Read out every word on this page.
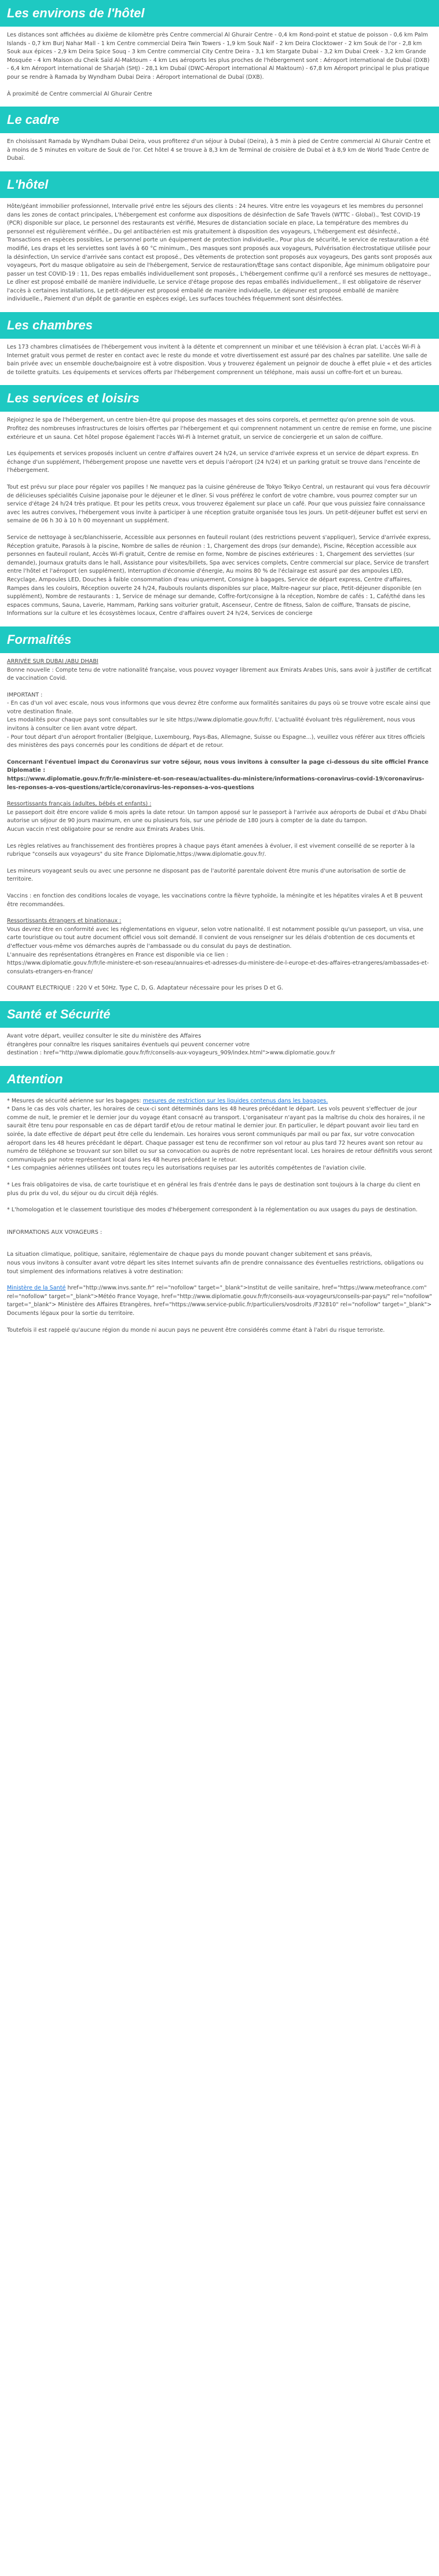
Les environs de l'hôtel

Les distances sont affichées au dixième de kilomètre près Centre commercial Al Ghurair Centre - 0,4 km Rond-point et statue de poisson - 0,6 km Palm Islands - 0,7 km Burj Nahar Mall - 1 km Centre commercial Deira Twin Towers - 1,9 km Souk Naif - 2 km Deira Clocktower - 2 km Souk de l'or - 2,8 km Souk aux épices - 2,9 km Deira Spice Souq - 3 km Centre commercial City Centre Deira - 3,1 km Stargate Dubai - 3,2 km Dubai Creek - 3,2 km Grande Mosquée - 4 km Maison du Cheik Saïd Al-Maktoum - 4 km Les aéroports les plus proches de l'hébergement sont : Aéroport international de Dubaï (DXB) - 6,4 km Aéroport international de Sharjah (SHJ) - 28,1 km Dubaï (DWC-Aéroport international Al Maktoum) - 67,8 km Aéroport principal le plus pratique pour se rendre à Ramada by Wyndham Dubai Deira : Aéroport international de Dubaï (DXB).

À proximité de Centre commercial Al Ghurair Centre

Le cadre

En choisissant Ramada by Wyndham Dubai Deira, vous profiterez d'un séjour à Dubaï (Deira), à 5 min à pied de Centre commercial Al Ghurair Centre et à moins de 5 minutes en voiture de Souk de l'or. Cet hôtel 4 se trouve à 8,3 km de Terminal de croisière de Dubaï et à 8,9 km de World Trade Centre de Dubaï.

L'hôtel

Hôte/géant immobilier professionnel, Intervalle privé entre les séjours des clients : 24 heures. Vitre entre les voyageurs et les membres du personnel dans les zones de contact principales, L'hébergement est conforme aux dispositions de désinfection de Safe Travels (WTTC - Global)., Test COVID-19 (PCR) disponible sur place, Le personnel des restaurants est vérifié, Mesures de distanciation sociale en place, La température des membres du personnel est régulièrement vérifiée., Du gel antibactérien est mis gratuitement à disposition des voyageurs, L'hébergement est désinfecté., Transactions en espèces possibles, Le personnel porte un équipement de protection individuelle., Pour plus de sécurité, le service de restauration a été modifié, Les draps et les serviettes sont lavés à 60 °C minimum., Des masques sont proposés aux voyageurs, Pulvérisation électrostatique utilisée pour la désinfection, Un service d'arrivée sans contact est proposé., Des vêtements de protection sont proposés aux voyageurs, Des gants sont proposés aux voyageurs, Port du masque obligatoire au sein de l'hébergement, Service de restauration/Étage sans contact disponible, Âge minimum obligatoire pour passer un test COVID-19 : 11, Des repas emballés individuellement sont proposés., L'hébergement confirme qu'il a renforcé ses mesures de nettoyage., Le dîner est proposé emballé de manière individuelle, Le service d'étage propose des repas emballés individuellement., Il est obligatoire de réserver l'accès à certaines installations, Le petit-déjeuner est proposé emballé de manière individuelle, Le déjeuner est proposé emballé de manière individuelle., Paiement d'un dépôt de garantie en espèces exigé, Les surfaces touchées fréquemment sont désinfectées.

Les chambres

Les 173 chambres climatisées de l'hébergement vous invitent à la détente et comprennent un minibar et une télévision à écran plat. L'accès Wi-Fi à Internet gratuit vous permet de rester en contact avec le reste du monde et votre divertissement est assuré par des chaînes par satellite. Une salle de bain privée avec un ensemble douche/baignoire est à votre disposition. Vous y trouverez également un peignoir de douche à effet pluie « et des articles de toilette gratuits. Les équipements et services offerts par l'hébergement comprennent un téléphone, mais aussi un coffre-fort et un bureau.

Les services et loisirs

Rejoignez le spa de l'hébergement, un centre bien-être qui propose des massages et des soins corporels, et permettez qu'on prenne soin de vous. Profitez des nombreuses infrastructures de loisirs offertes par l'hébergement et qui comprennent notamment un centre de remise en forme, une piscine extérieure et un sauna. Cet hôtel propose également l'accès Wi-Fi à Internet gratuit, un service de conciergerie et un salon de coiffure.

Les équipements et services proposés incluent un centre d'affaires ouvert 24 h/24, un service d'arrivée express et un service de départ express. En échange d'un supplément, l'hébergement propose une navette vers et depuis l'aéroport (24 h/24) et un parking gratuit se trouve dans l'enceinte de l'hébergement.

Tout est prévu sur place pour régaler vos papilles ! Ne manquez pas la cuisine généreuse de Tokyo Teikyo Central, un restaurant qui vous fera découvrir de délicieuses spécialités Cuisine japonaise pour le déjeuner et le dîner. Si vous préférez le confort de votre chambre, vous pourrez compter sur un service d'étage 24 h/24 très pratique. Et pour les petits creux, vous trouverez également sur place un café. Pour que vous puissiez faire connaissance avec les autres convives, l'hébergement vous invite à participer à une réception gratuite organisée tous les jours. Un petit-déjeuner buffet est servi en semaine de 06 h 30 à 10 h 00 moyennant un supplément.

Service de nettoyage à sec/blanchisserie, Accessible aux personnes en fauteuil roulant (des restrictions peuvent s'appliquer), Service d'arrivée express, Réception gratuite, Parasols à la piscine, Nombre de salles de réunion : 1, Chargement des drops (sur demande), Piscine, Réception accessible aux personnes en fauteuil roulant, Accès Wi-Fi gratuit, Centre de remise en forme, Nombre de piscines extérieures : 1, Chargement des serviettes (sur demande), Journaux gratuits dans le hall, Assistance pour visites/billets, Spa avec services complets, Centre commercial sur place, Service de transfert entre l'hôtel et l'aéroport (en supplément), Interruption d'économie d'énergie, Au moins 80 % de l'éclairage est assuré par des ampoules LED, Recyclage, Ampoules LED, Douches à faible consommation d'eau uniquement, Consigne à bagages, Service de départ express, Centre d'affaires, Rampes dans les couloirs, Réception ouverte 24 h/24, Faubouls roulants disponibles sur place, Maître-nageur sur place, Petit-déjeuner disponible (en supplément), Nombre de restaurants : 1, Service de ménage sur demande, Coffre-fort/consigne à la réception, Nombre de cafés : 1, Café/thé dans les espaces communs, Sauna, Laverie, Hammam, Parking sans voiturier gratuit, Ascenseur, Centre de fitness, Salon de coiffure, Transats de piscine, Informations sur la culture et les écosystèmes locaux, Centre d'affaires ouvert 24 h/24, Services de concierge

Formalités

ARRIVÉE SUR DUBAI /ABU DHABI

Bonne nouvelle : Compte tenu de votre nationalité française, vous pouvez voyager librement aux Emirats Arabes Unis, sans avoir à justifier de certificat de vaccination Covid.

IMPORTANT :
- En cas d'un vol avec escale, nous vous informons que vous devrez être conforme aux formalités sanitaires du pays où se trouve votre escale ainsi que votre destination finale.
Les modalités pour chaque pays sont consultables sur le site https://www.diplomatie.gouv.fr/fr/. L'actualité évoluant très régulièrement, nous vous invitons à consulter ce lien avant votre départ.
- Pour tout départ d'un aéroport frontalier (Belgique, Luxembourg, Pays-Bas, Allemagne, Suisse ou Espagne...), veuillez vous référer aux titres officiels des ministères des pays concernés pour les conditions de départ et de retour.

Concernant l'éventuel impact du Coronavirus sur votre séjour, nous vous invitons à consulter la page ci-dessous du site officiel France Diplomatie :
https://www.diplomatie.gouv.fr/fr/le-ministere-et-son-reseau/actualites-du-ministere/informations-coronavirus-covid-19/coronavirus-les-reponses-a-vos-questions/article/coronavirus-les-reponses-a-vos-questions

Ressortissants français (adultes, bébés et enfants) :

Le passeport doit être encore valide 6 mois après la date retour. Un tampon apposé sur le passeport à l'arrivée aux aéroports de Dubaï et d'Abu Dhabi autorise un séjour de 90 jours maximum, en une ou plusieurs fois, sur une période de 180 jours à compter de la date du tampon.
Aucun vaccin n'est obligatoire pour se rendre aux Emirats Arabes Unis.

Les règles relatives au franchissement des frontières propres à chaque pays étant amenées à évoluer, il est vivement conseillé de se reporter à la rubrique "conseils aux voyageurs" du site France Diplomatie,https://www.diplomatie.gouv.fr/.

Les mineurs voyageant seuls ou avec une personne ne disposant pas de l'autorité parentale doivent être munis d'une autorisation de sortie de territoire.

Vaccins : en fonction des conditions locales de voyage, les vaccinations contre la fièvre typhoïde, la méningite et les hépatites virales A et B peuvent être recommandées.

Ressortissants étrangers et binationaux :

Vous devrez être en conformité avec les réglementations en vigueur, selon votre nationalité. Il est notamment possible qu'un passeport, un visa, une carte touristique ou tout autre document officiel vous soit demandé. Il convient de vous renseigner sur les délais d'obtention de ces documents et d'effectuer vous-même vos démarches auprès de l'ambassade ou du consulat du pays de destination.
L'annuaire des représentations étrangères en France est disponible via ce lien :
https://www.diplomatie.gouv.fr/fr/le-ministere-et-son-reseau/annuaires-et-adresses-du-ministere-de-l-europe-et-des-affaires-etrangeres/ambassades-et-consulats-etrangers-en-france/

COURANT ELECTRIQUE : 220 V et 50Hz. Type C, D, G. Adaptateur nécessaire pour les prises D et G.

Santé et Sécurité

Avant votre départ, veuillez consulter le site du ministère des Affaires
étrangères pour connaître les risques sanitaires éventuels qui peuvent concerner votre
destination : href="http://www.diplomatie.gouv.fr/fr/conseils-aux-voyageurs_909/index.html">www.diplomatie.gouv.fr

Attention

* Mesures de sécurité aérienne sur les bagages: mesures de restriction sur les liquides contenus dans les bagages.
* Dans le cas des vols charter, les horaires de ceux-ci sont déterminés dans les 48 heures précédant le départ. Les vols peuvent s'effectuer de jour comme de nuit, le premier et le dernier jour du voyage étant consacré au transport. L'organisateur n'ayant pas la maîtrise du choix des horaires, il ne saurait être tenu pour responsable en cas de départ tardif et/ou de retour matinal le dernier jour. En particulier, le départ pouvant avoir lieu tard en soirée, la date effective de départ peut être celle du lendemain. Les horaires vous seront communiqués par mail ou par fax, sur votre convocation aéroport dans les 48 heures précédant le départ. Chaque passager est tenu de reconfirmer son vol retour au plus tard 72 heures avant son retour au numéro de téléphone se trouvant sur son billet ou sur sa convocation ou auprès de notre représentant local. Les horaires de retour définitifs vous seront communiqués par notre représentant local dans les 48 heures précédant le retour.
* Les compagnies aériennes utilisées ont toutes reçu les autorisations requises par les autorités compétentes de l'aviation civile.

* Les frais obligatoires de visa, de carte touristique et en général les frais d'entrée dans le pays de destination sont toujours à la charge du client en plus du prix du vol, du séjour ou du circuit déjà réglés.

* L'homologation et le classement touristique des modes d'hébergement correspondent à la réglementation ou aux usages du pays de destination.

INFORMATIONS AUX VOYAGEURS :

La situation climatique, politique, sanitaire, réglementaire de chaque pays du monde pouvant changer subitement et sans préavis,
nous vous invitons à consulter avant votre départ les sites Internet suivants afin de prendre connaissance des éventuelles restrictions, obligations ou tout simplement des informations relatives à votre destination:

Ministère de la Santé href="http://www.invs.sante.fr" rel="nofollow" target="_blank">Institut de veille sanitaire, href="https://www.meteofrance.com" rel="nofollow" target="_blank">Météo France Voyage, href="http://www.diplomatie.gouv.fr/fr/conseils-aux-voyageurs/conseils-par-pays/" rel="nofollow" target="_blank"> Ministère des Affaires Etrangères, href="https://www.service-public.fr/particuliers/vosdroits /F32810" rel="nofollow" target="_blank"> Documents légaux pour la sortie du territoire.

Toutefois il est rappelé qu'aucune région du monde ni aucun pays ne peuvent être considérés comme étant à l'abri du risque terroriste.
